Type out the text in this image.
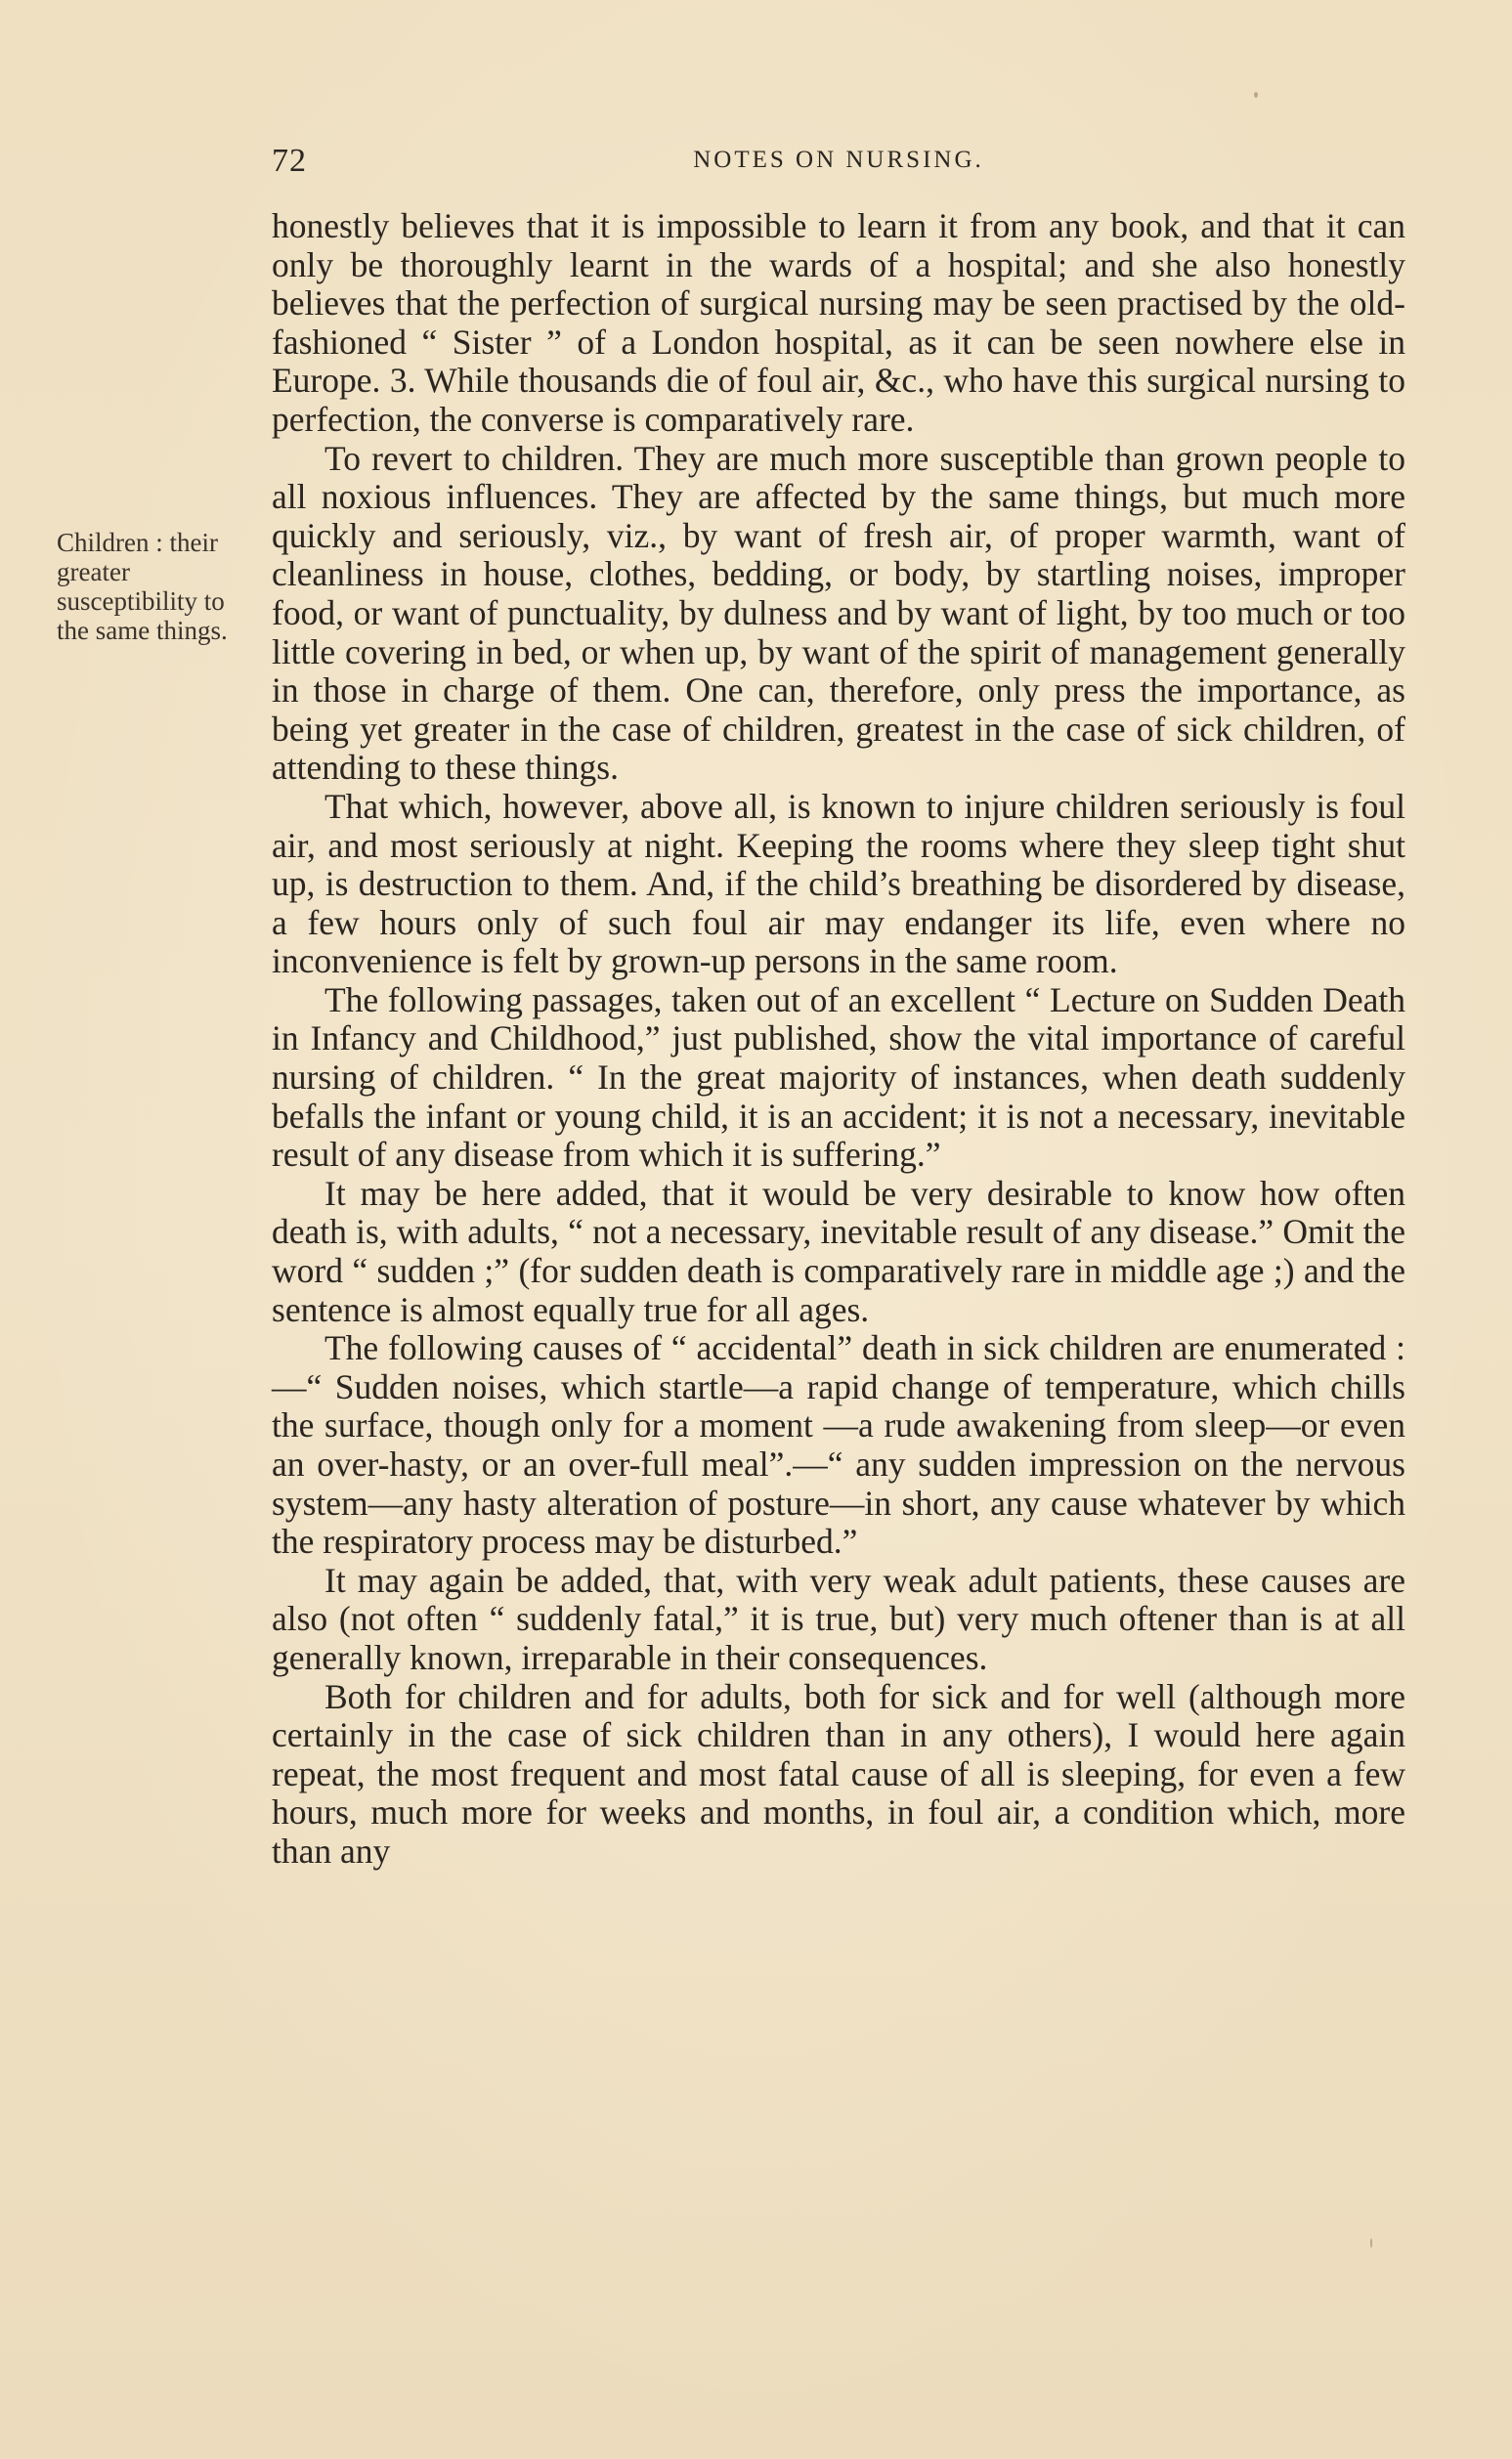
72	NOTES ON NURSING.
Children : their greater susceptibility to the same things.

honestly believes that it is impossible to learn it from any book, and that it can only be thoroughly learnt in the wards of a hospital; and she also honestly believes that the perfection of surgical nursing may be seen practised by the old-fashioned “ Sister ” of a London hospital, as it can be seen nowhere else in Europe. 3. While thousands die of foul air, &c., who have this surgical nursing to perfection, the converse is comparatively rare.

To revert to children. They are much more susceptible than grown people to all noxious influences. They are affected by the same things, but much more quickly and seriously, viz., by want of fresh air, of proper warmth, want of cleanliness in house, clothes, bedding, or body, by startling noises, improper food, or want of punctuality, by dulness and by want of light, by too much or too little covering in bed, or when up, by want of the spirit of management generally in those in charge of them. One can, therefore, only press the importance, as being yet greater in the case of children, greatest in the case of sick children, of attending to these things.

That which, however, above all, is known to injure children seriously is foul air, and most seriously at night. Keeping the rooms where they sleep tight shut up, is destruction to them. And, if the child’s breathing be disordered by disease, a few hours only of such foul air may endanger its life, even where no inconvenience is felt by grown-up persons in the same room.

The following passages, taken out of an excellent “ Lecture on Sudden Death in Infancy and Childhood,” just published, show the vital importance of careful nursing of children. “ In the great majority of instances, when death suddenly befalls the infant or young child, it is an accident; it is not a necessary, inevitable result of any disease from which it is suffering.”

It may be here added, that it would be very desirable to know how often death is, with adults, “ not a necessary, inevitable result of any disease.” Omit the word “ sudden ;” (for sudden death is comparatively rare in middle age ;) and the sentence is almost equally true for all ages.

The following causes of “ accidental” death in sick children are enumerated :—“ Sudden noises, which startle—a rapid change of temperature, which chills the surface, though only for a moment —a rude awakening from sleep—or even an over-hasty, or an over-full meal”.—“ any sudden impression on the nervous system—any hasty alteration of posture—in short, any cause whatever by which the respiratory process may be disturbed.”

It may again be added, that, with very weak adult patients, these causes are also (not often “ suddenly fatal,” it is true, but) very much oftener than is at all generally known, irreparable in their consequences.

Both for children and for adults, both for sick and for well (although more certainly in the case of sick children than in any others), I would here again repeat, the most frequent and most fatal cause of all is sleeping, for even a few hours, much more for weeks and months, in foul air, a condition which, more than any
